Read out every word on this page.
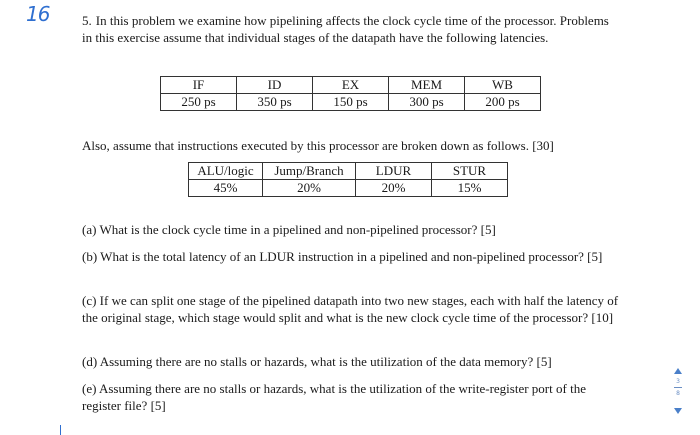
16	5. In this problem we examine how pipelining affects the clock cycle time of the processor. Problems in this exercise assume that individual stages of the datapath have the following latencies.
IF	ID	EX	MEM	WB
250 ps	350 ps	150 ps	300 ps	200 ps
Also, assume that instructions executed by this processor are broken down as follows. [30]
ALU/logic	Jump/Branch	LDUR	STUR
45%	20%	20%	15%
(a) What is the clock cycle time in a pipelined and non-pipelined processor? [5]
(b) What is the total latency of an LDUR instruction in a pipelined and non-pipelined processor? [5]
(c) If we can split one stage of the pipelined datapath into two new stages, each with half the latency of the original stage, which stage would split and what is the new clock cycle time of the processor? [10]
(d) Assuming there are no stalls or hazards, what is the utilization of the data memory? [5]
(e) Assuming there are no stalls or hazards, what is the utilization of the write-register port of the register file? [5]
3
8
